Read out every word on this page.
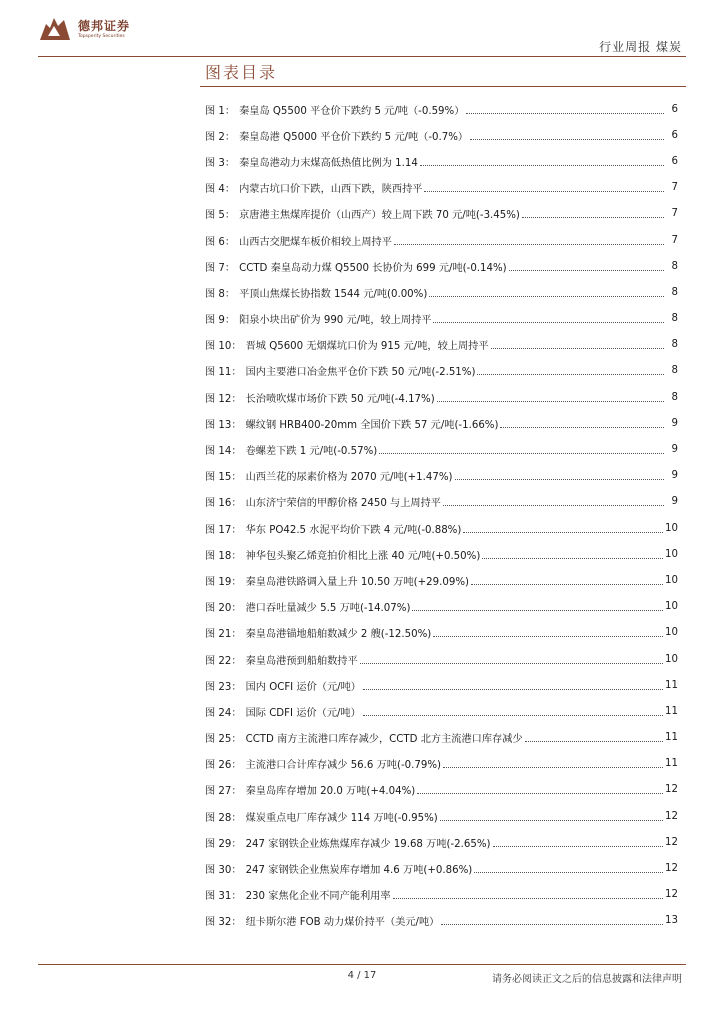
德邦证券
Topsperity Securities
行业周报 煤炭
图表目录
图 1： 秦皇岛 Q5500 平仓价下跌约 5 元/吨（-0.59%）	6
图 2： 秦皇岛港 Q5000 平仓价下跌约 5 元/吨（-0.7%）	6
图 3： 秦皇岛港动力末煤高低热值比例为 1.14	6
图 4： 内蒙古坑口价下跌，山西下跌，陕西持平	7
图 5： 京唐港主焦煤库提价（山西产）较上周下跌 70 元/吨(-3.45%)	7
图 6： 山西古交肥煤车板价相较上周持平	7
图 7： CCTD 秦皇岛动力煤 Q5500 长协价为 699 元/吨(-0.14%)	8
图 8： 平顶山焦煤长协指数 1544 元/吨(0.00%)	8
图 9： 阳泉小块出矿价为 990 元/吨，较上周持平	8
图 10： 晋城 Q5600 无烟煤坑口价为 915 元/吨，较上周持平	8
图 11： 国内主要港口冶金焦平仓价下跌 50 元/吨(-2.51%)	8
图 12： 长治喷吹煤市场价下跌 50 元/吨(-4.17%)	8
图 13： 螺纹钢 HRB400-20mm 全国价下跌 57 元/吨(-1.66%)	9
图 14： 卷螺差下跌 1 元/吨(-0.57%)	9
图 15： 山西兰花的尿素价格为 2070 元/吨(+1.47%)	9
图 16： 山东济宁荣信的甲醇价格 2450 与上周持平	9
图 17： 华东 PO42.5 水泥平均价下跌 4 元/吨(-0.88%)	10
图 18： 神华包头聚乙烯竞拍价相比上涨 40 元/吨(+0.50%)	10
图 19： 秦皇岛港铁路调入量上升 10.50 万吨(+29.09%)	10
图 20： 港口吞吐量减少 5.5 万吨(-14.07%)	10
图 21： 秦皇岛港锚地船舶数减少 2 艘(-12.50%)	10
图 22： 秦皇岛港预到船舶数持平	10
图 23： 国内 OCFI 运价（元/吨）	11
图 24： 国际 CDFI 运价（元/吨）	11
图 25： CCTD 南方主流港口库存减少，CCTD 北方主流港口库存减少	11
图 26： 主流港口合计库存减少 56.6 万吨(-0.79%)	11
图 27： 秦皇岛库存增加 20.0 万吨(+4.04%)	12
图 28： 煤炭重点电厂库存减少 114 万吨(-0.95%)	12
图 29： 247 家钢铁企业炼焦煤库存减少 19.68 万吨(-2.65%)	12
图 30： 247 家钢铁企业焦炭库存增加 4.6 万吨(+0.86%)	12
图 31： 230 家焦化企业不同产能利用率	12
图 32： 纽卡斯尔港 FOB 动力煤价持平（美元/吨）	13
4 / 17	请务必阅读正文之后的信息披露和法律声明
